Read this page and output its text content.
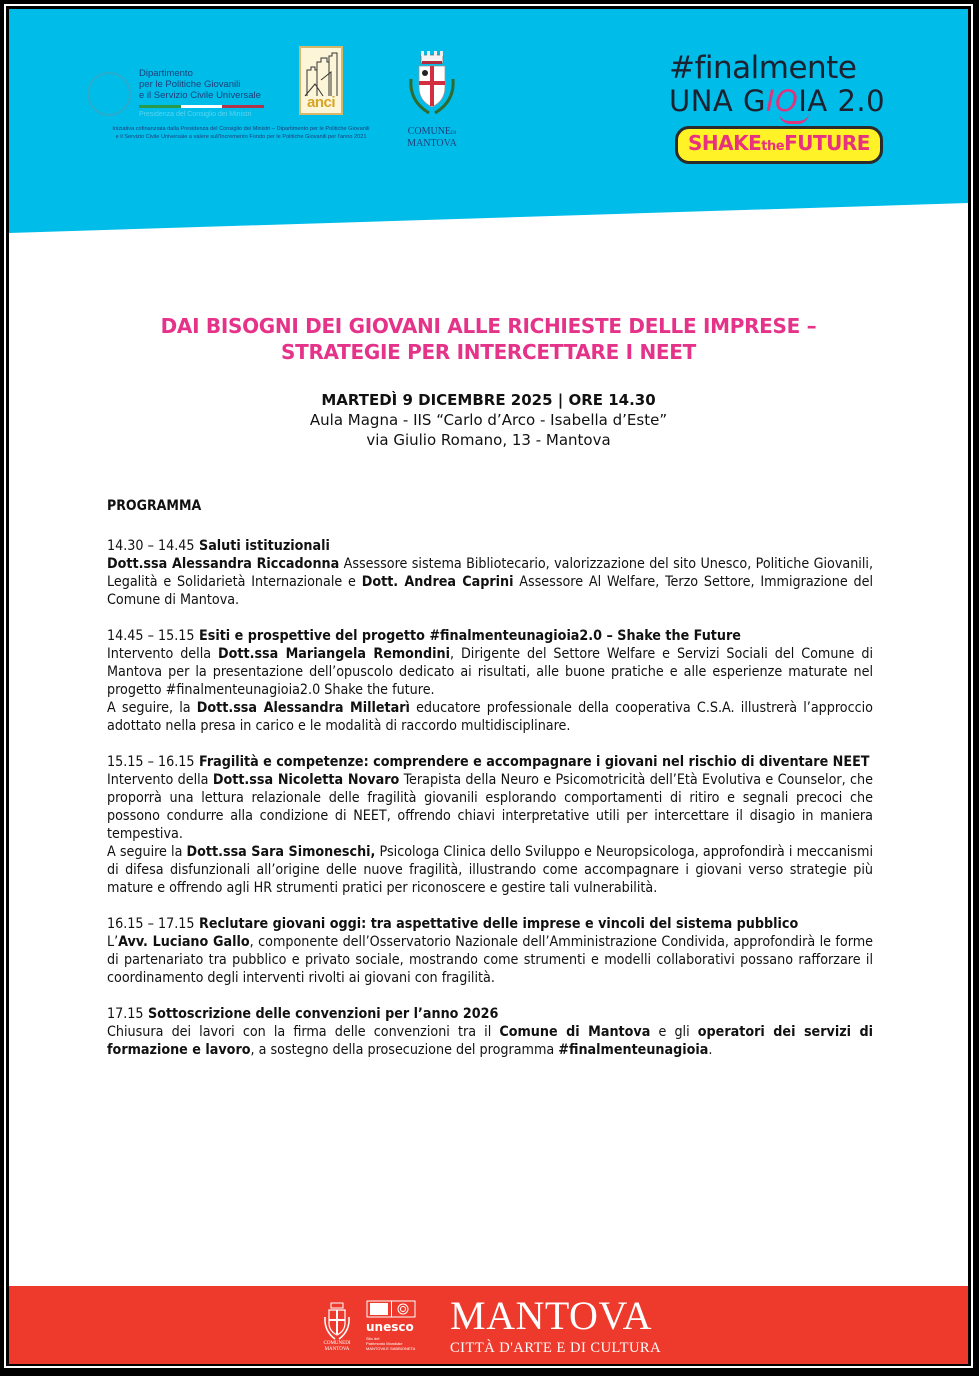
Dipartimento
per le Politiche Giovanili
e il Servizio Civile Universale
Presidenza del Consiglio dei Ministri
Iniziativa cofinanziata dalla Presidenza del Consiglio dei Ministri – Dipartimento per le Politiche Giovanili
e il Servizio Civile Universale a valere sull'Incremento Fondo per le Politiche Giovanili per l'anno 2021
anci
COMUNEDI
MANTOVA
#finalmente
UNA GIOIA 2.0
SHAKEtheFUTURE
DAI BISOGNI DEI GIOVANI ALLE RICHIESTE DELLE IMPRESE –
STRATEGIE PER INTERCETTARE I NEET
MARTEDÌ 9 DICEMBRE 2025 | ORE 14.30
Aula Magna - IIS “Carlo d’Arco - Isabella d’Este”
via Giulio Romano, 13 - Mantova
PROGRAMMA

14.30 – 14.45 Saluti istituzionali

Dott.ssa Alessandra Riccadonna Assessore sistema Bibliotecario, valorizzazione del sito Unesco, Politiche Giovanili, Legalità e Solidarietà Internazionale e Dott. Andrea Caprini Assessore Al Welfare, Terzo Settore, Immigrazione del Comune di Mantova.

14.45 – 15.15 Esiti e prospettive del progetto #finalmenteunagioia2.0 – Shake the Future

Intervento della Dott.ssa Mariangela Remondini, Dirigente del Settore Welfare e Servizi Sociali del Comune di Mantova per la presentazione dell’opuscolo dedicato ai risultati, alle buone pratiche e alle esperienze maturate nel progetto #finalmenteunagioia2.0 Shake the future.

A seguire, la Dott.ssa Alessandra Milletarì educatore professionale della cooperativa C.S.A. illustrerà l’approccio adottato nella presa in carico e le modalità di raccordo multidisciplinare.

15.15 – 16.15 Fragilità e competenze: comprendere e accompagnare i giovani nel rischio di diventare NEET

Intervento della Dott.ssa Nicoletta Novaro Terapista della Neuro e Psicomotricità dell’Età Evolutiva e Counselor, che proporrà una lettura relazionale delle fragilità giovanili esplorando comportamenti di ritiro e segnali precoci che possono condurre alla condizione di NEET, offrendo chiavi interpretative utili per intercettare il disagio in maniera tempestiva.

A seguire la Dott.ssa Sara Simoneschi, Psicologa Clinica dello Sviluppo e Neuropsicologa, approfondirà i meccanismi di difesa disfunzionali all’origine delle nuove fragilità, illustrando come accompagnare i giovani verso strategie più mature e offrendo agli HR strumenti pratici per riconoscere e gestire tali vulnerabilità.

16.15 – 17.15 Reclutare giovani oggi: tra aspettative delle imprese e vincoli del sistema pubblico

L’Avv. Luciano Gallo, componente dell’Osservatorio Nazionale dell’Amministrazione Condivida, approfondirà le forme di partenariato tra pubblico e privato sociale, mostrando come strumenti e modelli collaborativi possano rafforzare il coordinamento degli interventi rivolti ai giovani con fragilità.

17.15 Sottoscrizione delle convenzioni per l’anno 2026

Chiusura dei lavori con la firma delle convenzioni tra il Comune di Mantova e gli operatori dei servizi di formazione e lavoro, a sostegno della prosecuzione del programma #finalmenteunagioia.

COMUNEDI
MANTOVA
unesco
Sito del
Patrimonio Mondiale
MANTOVA E SABBIONETA
MANTOVA
CITTÀ D'ARTE E DI CULTURA
